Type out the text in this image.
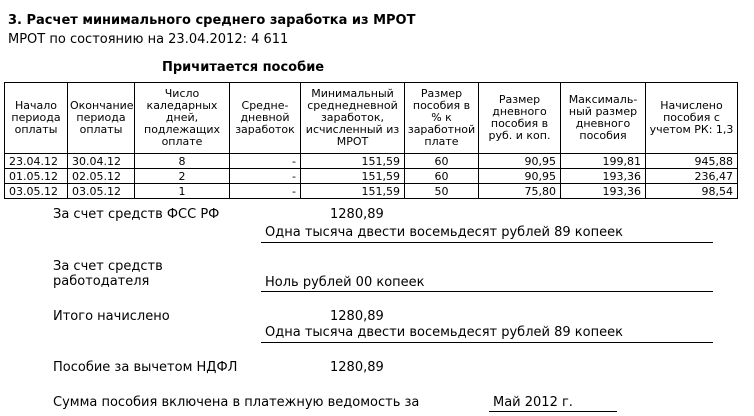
3. Расчет минимального среднего заработка из МРОТ
МРОТ по состоянию на 23.04.2012: 4 611
Причитается пособие
Начало периода оплаты	Окончание периода оплаты	Число каледарных дней, подлежащих оплате	Средне-дневной заработок	Минимальный среднедневной заработок, исчисленный из МРОТ	Размер пособия в % к заработной плате	Размер дневного пособия в руб. и коп.	Максималь-ный размер дневного пособия	Начислено пособия с учетом РК: 1,3
23.04.12	30.04.12	8	-	151,59	60	90,95	199,81	945,88
01.05.12	02.05.12	2	-	151,59	60	90,95	193,36	236,47
03.05.12	03.05.12	1	-	151,59	50	75,80	193,36	98,54
За счет средств ФСС РФ	1280,89
Одна тысяча двести восемьдесят рублей 89 копеек
За счет средств
работодателя	Ноль рублей 00 копеек
Итого начислено	1280,89
Одна тысяча двести восемьдесят рублей 89 копеек
Пособие за вычетом НДФЛ	1280,89
Сумма пособия включена в платежную ведомость за	Май 2012 г.
